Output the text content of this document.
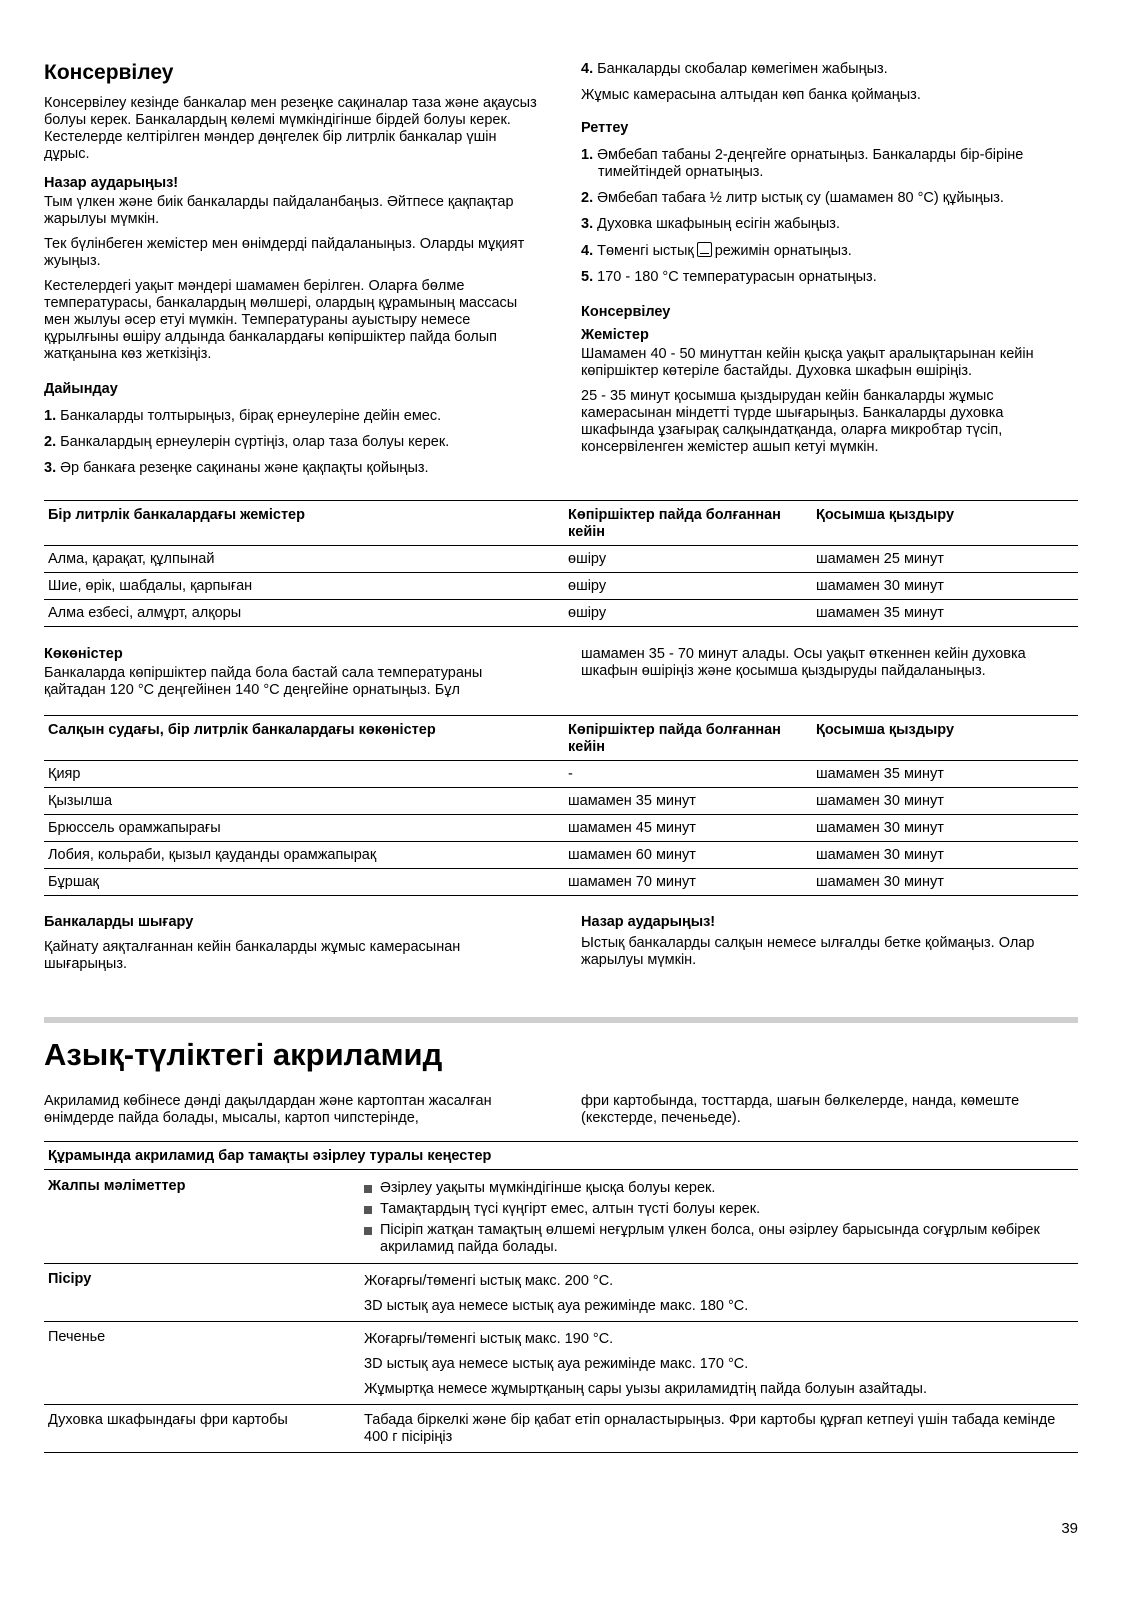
Консервілеу

Консервілеу кезінде банкалар мен резеңке сақиналар таза және ақаусыз болуы керек. Банкалардың көлемі мүмкіндігінше бірдей болуы керек. Кестелерде келтірілген мәндер дөңгелек бір литрлік банкалар үшін дұрыс.

Назар аударыңыз!

Тым үлкен және биік банкаларды пайдаланбаңыз. Әйтпесе қақпақтар жарылуы мүмкін.

Тек бүлінбеген жемістер мен өнімдерді пайдаланыңыз. Оларды мұқият жуыңыз.

Кестелердегі уақыт мәндері шамамен берілген. Оларға бөлме температурасы, банкалардың мөлшері, олардың құрамының массасы мен жылуы әсер етуі мүмкін. Температураны ауыстыру немесе құрылғыны өшіру алдында банкалардағы көпіршіктер пайда болып жатқанына көз жеткізіңіз.

Дайындау
1. Банкаларды толтырыңыз, бірақ ернеулеріне дейін емес.
2. Банкалардың ернеулерін сүртіңіз, олар таза болуы керек.
3. Әр банкаға резеңке сақинаны және қақпақты қойыңыз.
4. Банкаларды скобалар көмегімен жабыңыз.

Жұмыс камерасына алтыдан көп банка қоймаңыз.

Реттеу
1. Әмбебап табаны 2-деңгейге орнатыңыз. Банкаларды бір-біріне тимейтіндей орнатыңыз.
2. Әмбебап табаға ½ литр ыстық су (шамамен 80 °C) құйыңыз.
3. Духовка шкафының есігін жабыңыз.
4. Төменгі ыстық режимін орнатыңыз.
5. 170 - 180 °C температурасын орнатыңыз.
Консервілеу
Жемістер

Шамамен 40 - 50 минуттан кейін қысқа уақыт аралықтарынан кейін көпіршіктер көтеріле бастайды. Духовка шкафын өшіріңіз.

25 - 35 минут қосымша қыздырудан кейін банкаларды жұмыс камерасынан міндетті түрде шығарыңыз. Банкаларды духовка шкафында ұзағырақ салқындатқанда, оларға микробтар түсіп, консервіленген жемістер ашып кетуі мүмкін.

Бір литрлік банкалардағы жемістер	Көпіршіктер пайда болғаннан кейін	Қосымша қыздыру
Алма, қарақат, құлпынай	өшіру	шамамен 25 минут
Шие, өрік, шабдалы, қарпыған	өшіру	шамамен 30 минут
Алма езбесі, алмұрт, алқоры	өшіру	шамамен 35 минут
Көкөністер

Банкаларда көпіршіктер пайда бола бастай сала температураны қайтадан 120 °C деңгейінен 140 °C деңгейіне орнатыңыз. Бұл

шамамен 35 - 70 минут алады. Осы уақыт өткеннен кейін духовка шкафын өшіріңіз және қосымша қыздыруды пайдаланыңыз.

Салқын судағы, бір литрлік банкалардағы көкөністер	Көпіршіктер пайда болғаннан кейін	Қосымша қыздыру
Қияр	-	шамамен 35 минут
Қызылша	шамамен 35 минут	шамамен 30 минут
Брюссель орамжапырағы	шамамен 45 минут	шамамен 30 минут
Лобия, кольраби, қызыл қауданды орамжапырақ	шамамен 60 минут	шамамен 30 минут
Бұршақ	шамамен 70 минут	шамамен 30 минут
Банкаларды шығару

Қайнату аяқталғаннан кейін банкаларды жұмыс камерасынан шығарыңыз.

Назар аударыңыз!

Ыстық банкаларды салқын немесе ылғалды бетке қоймаңыз. Олар жарылуы мүмкін.

Азық-түліктегі акриламид

Акриламид көбінесе дәнді дақылдардан және картоптан жасалған өнімдерде пайда болады, мысалы, картоп чипстерінде,

фри картобында, тосттарда, шағын бөлкелерде, нанда, көмеште (кекстерде, печеньеде).

Құрамында акриламид бар тамақты әзірлеу туралы кеңестер	
Жалпы мәліметтер	Әзірлеу уақыты мүмкіндігінше қысқа болуы керек.
Тамақтардың түсі күңгірт емес, алтын түсті болуы керек.
Пісіріп жатқан тамақтың өлшемі неғұрлым үлкен болса, оны әзірлеу барысында соғұрлым көбірек акриламид пайда болады.

Пісіру	Жоғарғы/төменгі ыстық макс. 200 °C.
3D ыстық ауа немесе ыстық ауа режимінде макс. 180 °C.

Печенье	Жоғарғы/төменгі ыстық макс. 190 °C.
3D ыстық ауа немесе ыстық ауа режимінде макс. 170 °C.
Жұмыртқа немесе жұмыртқаның сары уызы акриламидтің пайда болуын азайтады.

Духовка шкафындағы фри картобы	Табада біркелкі және бір қабат етіп орналастырыңыз. Фри картобы құрғап кетпеуі үшін табада кемінде 400 г пісіріңіз
39
